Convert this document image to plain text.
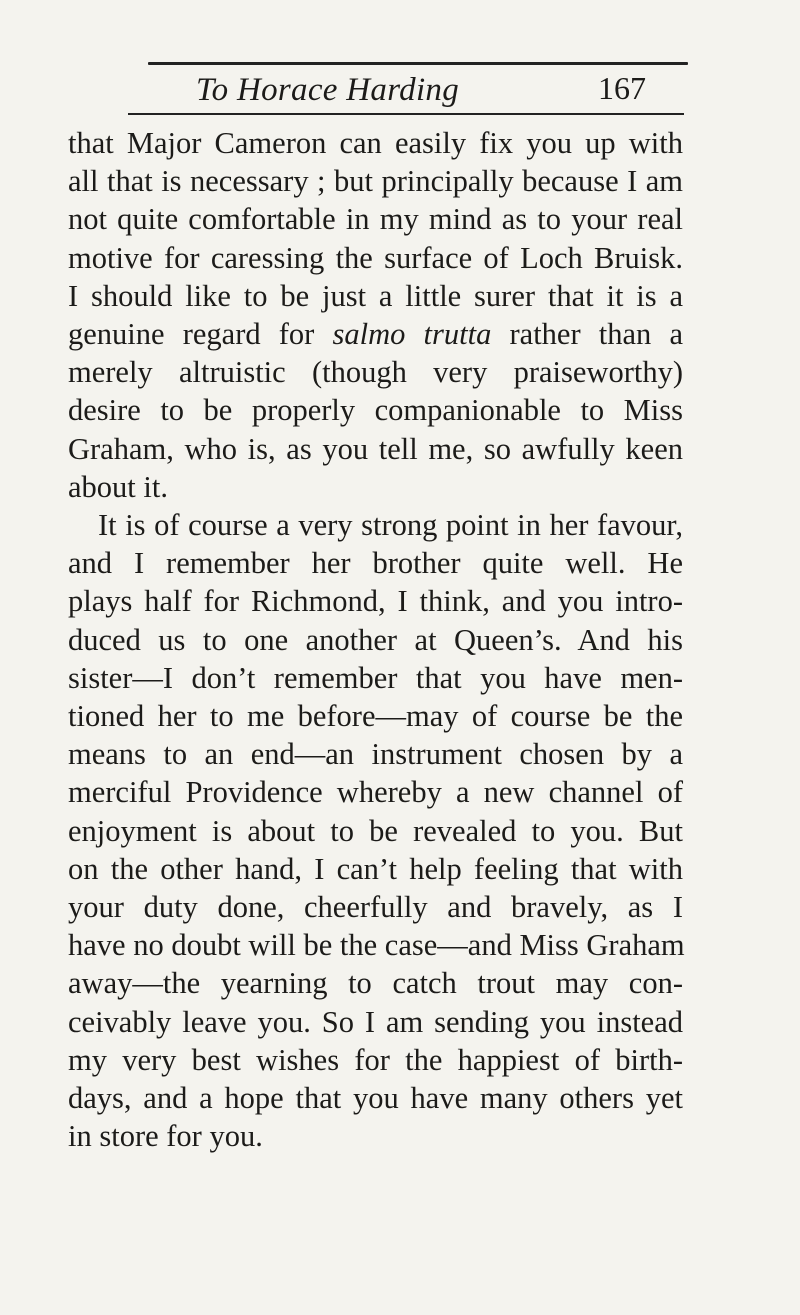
To Horace Harding	167
that Major Cameron can easily fix you up with
all that is necessary ; but principally because I am
not quite comfortable in my mind as to your real
motive for caressing the surface of Loch Bruisk.
I should like to be just a little surer that it is a
genuine regard for salmo trutta rather than a
merely altruistic (though very praiseworthy)
desire to be properly companionable to Miss
Graham, who is, as you tell me, so awfully keen
about it.
It is of course a very strong point in her favour,
and I remember her brother quite well. He
plays half for Richmond, I think, and you intro-
duced us to one another at Queen’s. And his
sister—I don’t remember that you have men-
tioned her to me before—may of course be the
means to an end—an instrument chosen by a
merciful Providence whereby a new channel of
enjoyment is about to be revealed to you. But
on the other hand, I can’t help feeling that with
your duty done, cheerfully and bravely, as I
have no doubt will be the case—and Miss Graham
away—the yearning to catch trout may con-
ceivably leave you. So I am sending you instead
my very best wishes for the happiest of birth-
days, and a hope that you have many others yet
in store for you.
